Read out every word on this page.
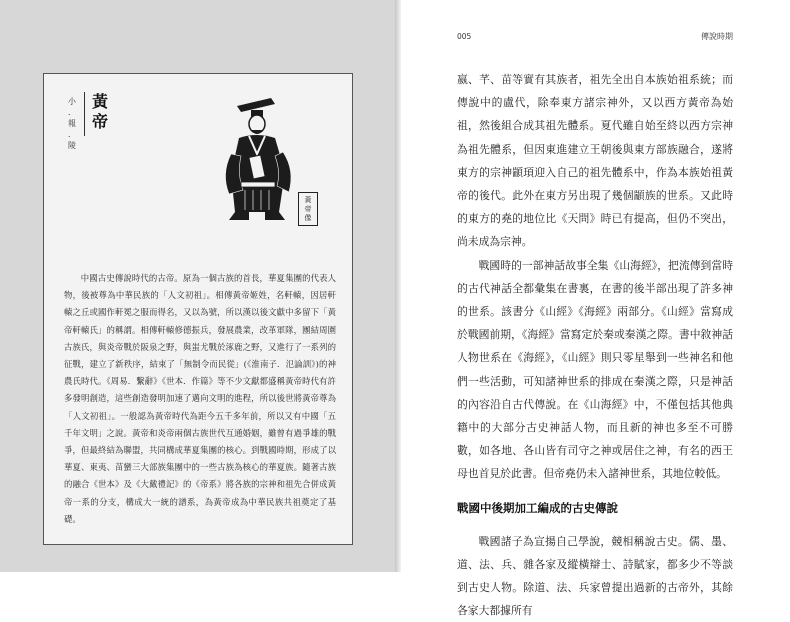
小
．
報
．
陵
黃
帝
黃
帝
像

中國古史傳說時代的古帝。原為一個古族的首長，華夏集團的代表人物，後被尊為中華民族的「人文初祖」。相傳黃帝姬姓，名軒轅，因居軒轅之丘或國作軒冕之服而得名，又以為號，所以漢以後文獻中多留下「黃帝軒轅氏」的稱謂。相傳軒轅修德振兵，發展農業，改革軍隊，團結周圍古族氏，與炎帝戰於阪泉之野，與蚩尤戰於涿鹿之野，又進行了一系列的征戰，建立了新秩序，結束了「無制令而民從」(《淮南子．氾論訓》)的神農氏時代。《周易．繫辭》《世本．作篇》等不少文獻都盛稱黃帝時代有許多發明創造，這些創造發明加速了邁向文明的進程，所以後世將黃帝尊為「人文初祖」。一般認為黃帝時代為距今五千多年前，所以又有中國「五千年文明」之說。黃帝和炎帝兩個古族世代互通婚姻，雖曾有過爭雄的戰爭，但最終結為聯盟，共同構成華夏集團的核心。到戰國時期，形成了以華夏、東夷、苗蠻三大部族集團中的一些古族為核心的華夏族。隨著古族的融合《世本》及《大戴禮記》的《帝系》將各族的宗神和祖先合併成黃帝一系的分支，構成大一統的譜系，為黃帝成為中華民族共祖奠定了基礎。

005	傳說時期

嬴、芊、苗等實有其族者，祖先全出自本族始祖系統；而傳說中的盧代，除奉東方諸宗神外，又以西方黃帝為始祖，然後組合成其祖先體系。夏代雖自始至終以西方宗神為祖先體系，但因東進建立王朝後與東方部族融合，遂將東方的宗神顓頊迎入自己的祖先體系中，作為本族始祖黃帝的後代。此外在東方另出現了幾個顓族的世系。又此時的東方的堯的地位比《天問》時已有提高，但仍不突出，尚未成為宗神。

戰國時的一部神話故事全集《山海經》，把流傳到當時的古代神話全都彙集在書裏，在書的後半部出現了許多神的世系。該書分《山經》《海經》兩部分。《山經》當寫成於戰國前期，《海經》當寫定於秦或秦漢之際。書中敘神話人物世系在《海經》，《山經》則只零星舉到一些神名和他們一些活動，可知諸神世系的排成在秦漢之際，只是神話的內容沿自古代傳說。在《山海經》中，不僅包括其他典籍中的大部分古史神話人物，而且新的神也多至不可勝數，如各地、各山皆有司守之神或居住之神，有名的西王母也首見於此書。但帝堯仍未入諸神世系，其地位較低。

戰國中後期加工編成的古史傳說

戰國諸子為宣揚自己學說，競相稱說古史。儒、墨、道、法、兵、雜各家及縱橫辯士、詩賦家，都多少不等談到古史人物。除道、法、兵家曾提出過新的古帝外，其餘各家大都據所有
